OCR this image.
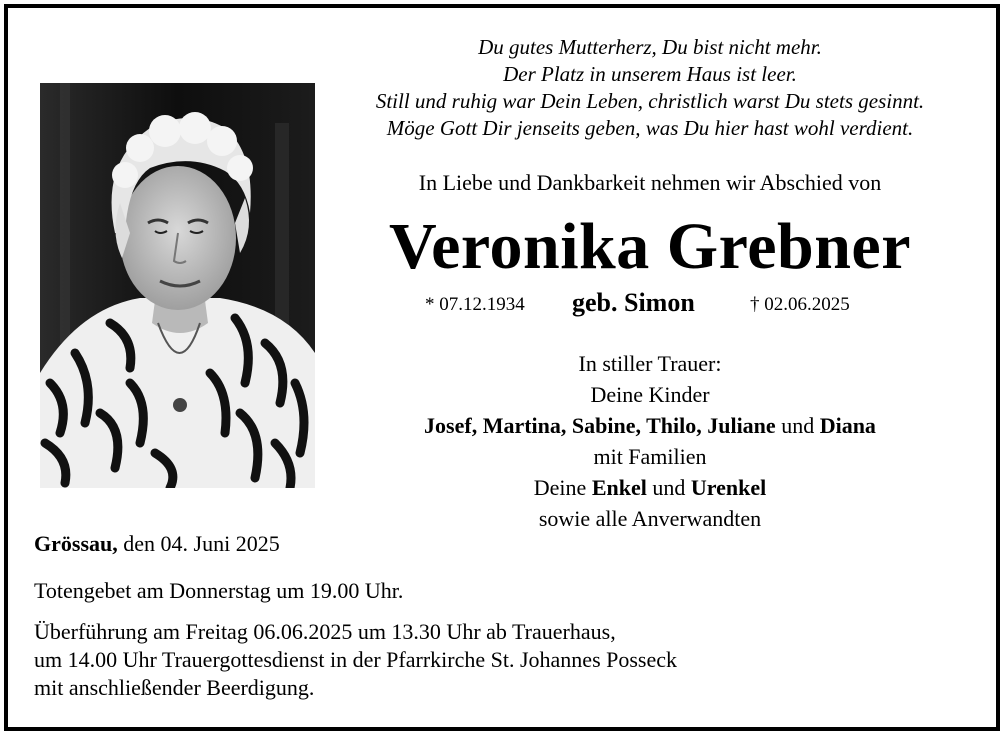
Du gutes Mutterherz, Du bist nicht mehr.
Der Platz in unserem Haus ist leer.
Still und ruhig war Dein Leben, christlich warst Du stets gesinnt.
Möge Gott Dir jenseits geben, was Du hier hast wohl verdient.
In Liebe und Dankbarkeit nehmen wir Abschied von
Veronika Grebner
* 07.12.1934 geb. Simon	† 02.06.2025
In stiller Trauer:
Deine Kinder
Josef, Martina, Sabine, Thilo, Juliane und Diana
mit Familien
Deine Enkel und Urenkel
sowie alle Anverwandten
Grössau, den 04. Juni 2025
Totengebet am Donnerstag um 19.00 Uhr.
Überführung am Freitag 06.06.2025 um 13.30 Uhr ab Trauerhaus,
um 14.00 Uhr Trauergottesdienst in der Pfarrkirche St. Johannes Posseck
mit anschließender Beerdigung.
